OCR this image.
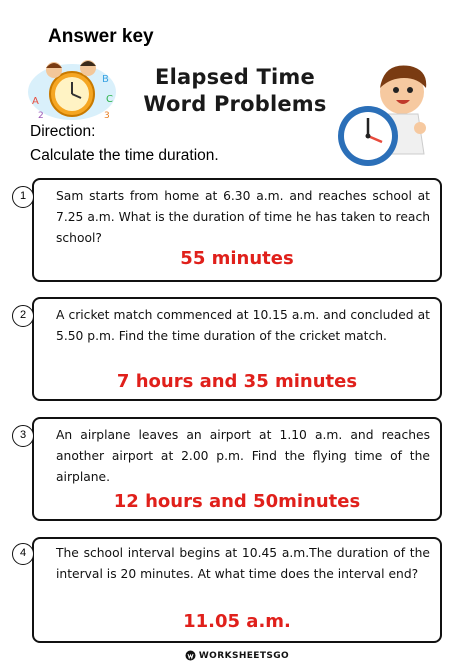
Answer key
A
B
C
2	3
Elapsed Time
Word Problems
Direction:
Calculate the time duration.
1	Sam starts from home at 6.30 a.m. and reaches school at 7.25 a.m. What is the duration of time he has taken to reach school?
55 minutes
2	A cricket match commenced at 10.15 a.m. and concluded at 5.50 p.m. Find the time duration of the cricket match.
7 hours and 35 minutes
3	An airplane leaves an airport at 1.10 a.m. and reaches another airport at 2.00 p.m. Find the flying time of the airplane.
12 hours and 50minutes
4	The school interval begins at 10.45 a.m.The duration of the interval is 20 minutes. At what time does the interval end?
11.05 a.m.
WORKSHEETSGO
